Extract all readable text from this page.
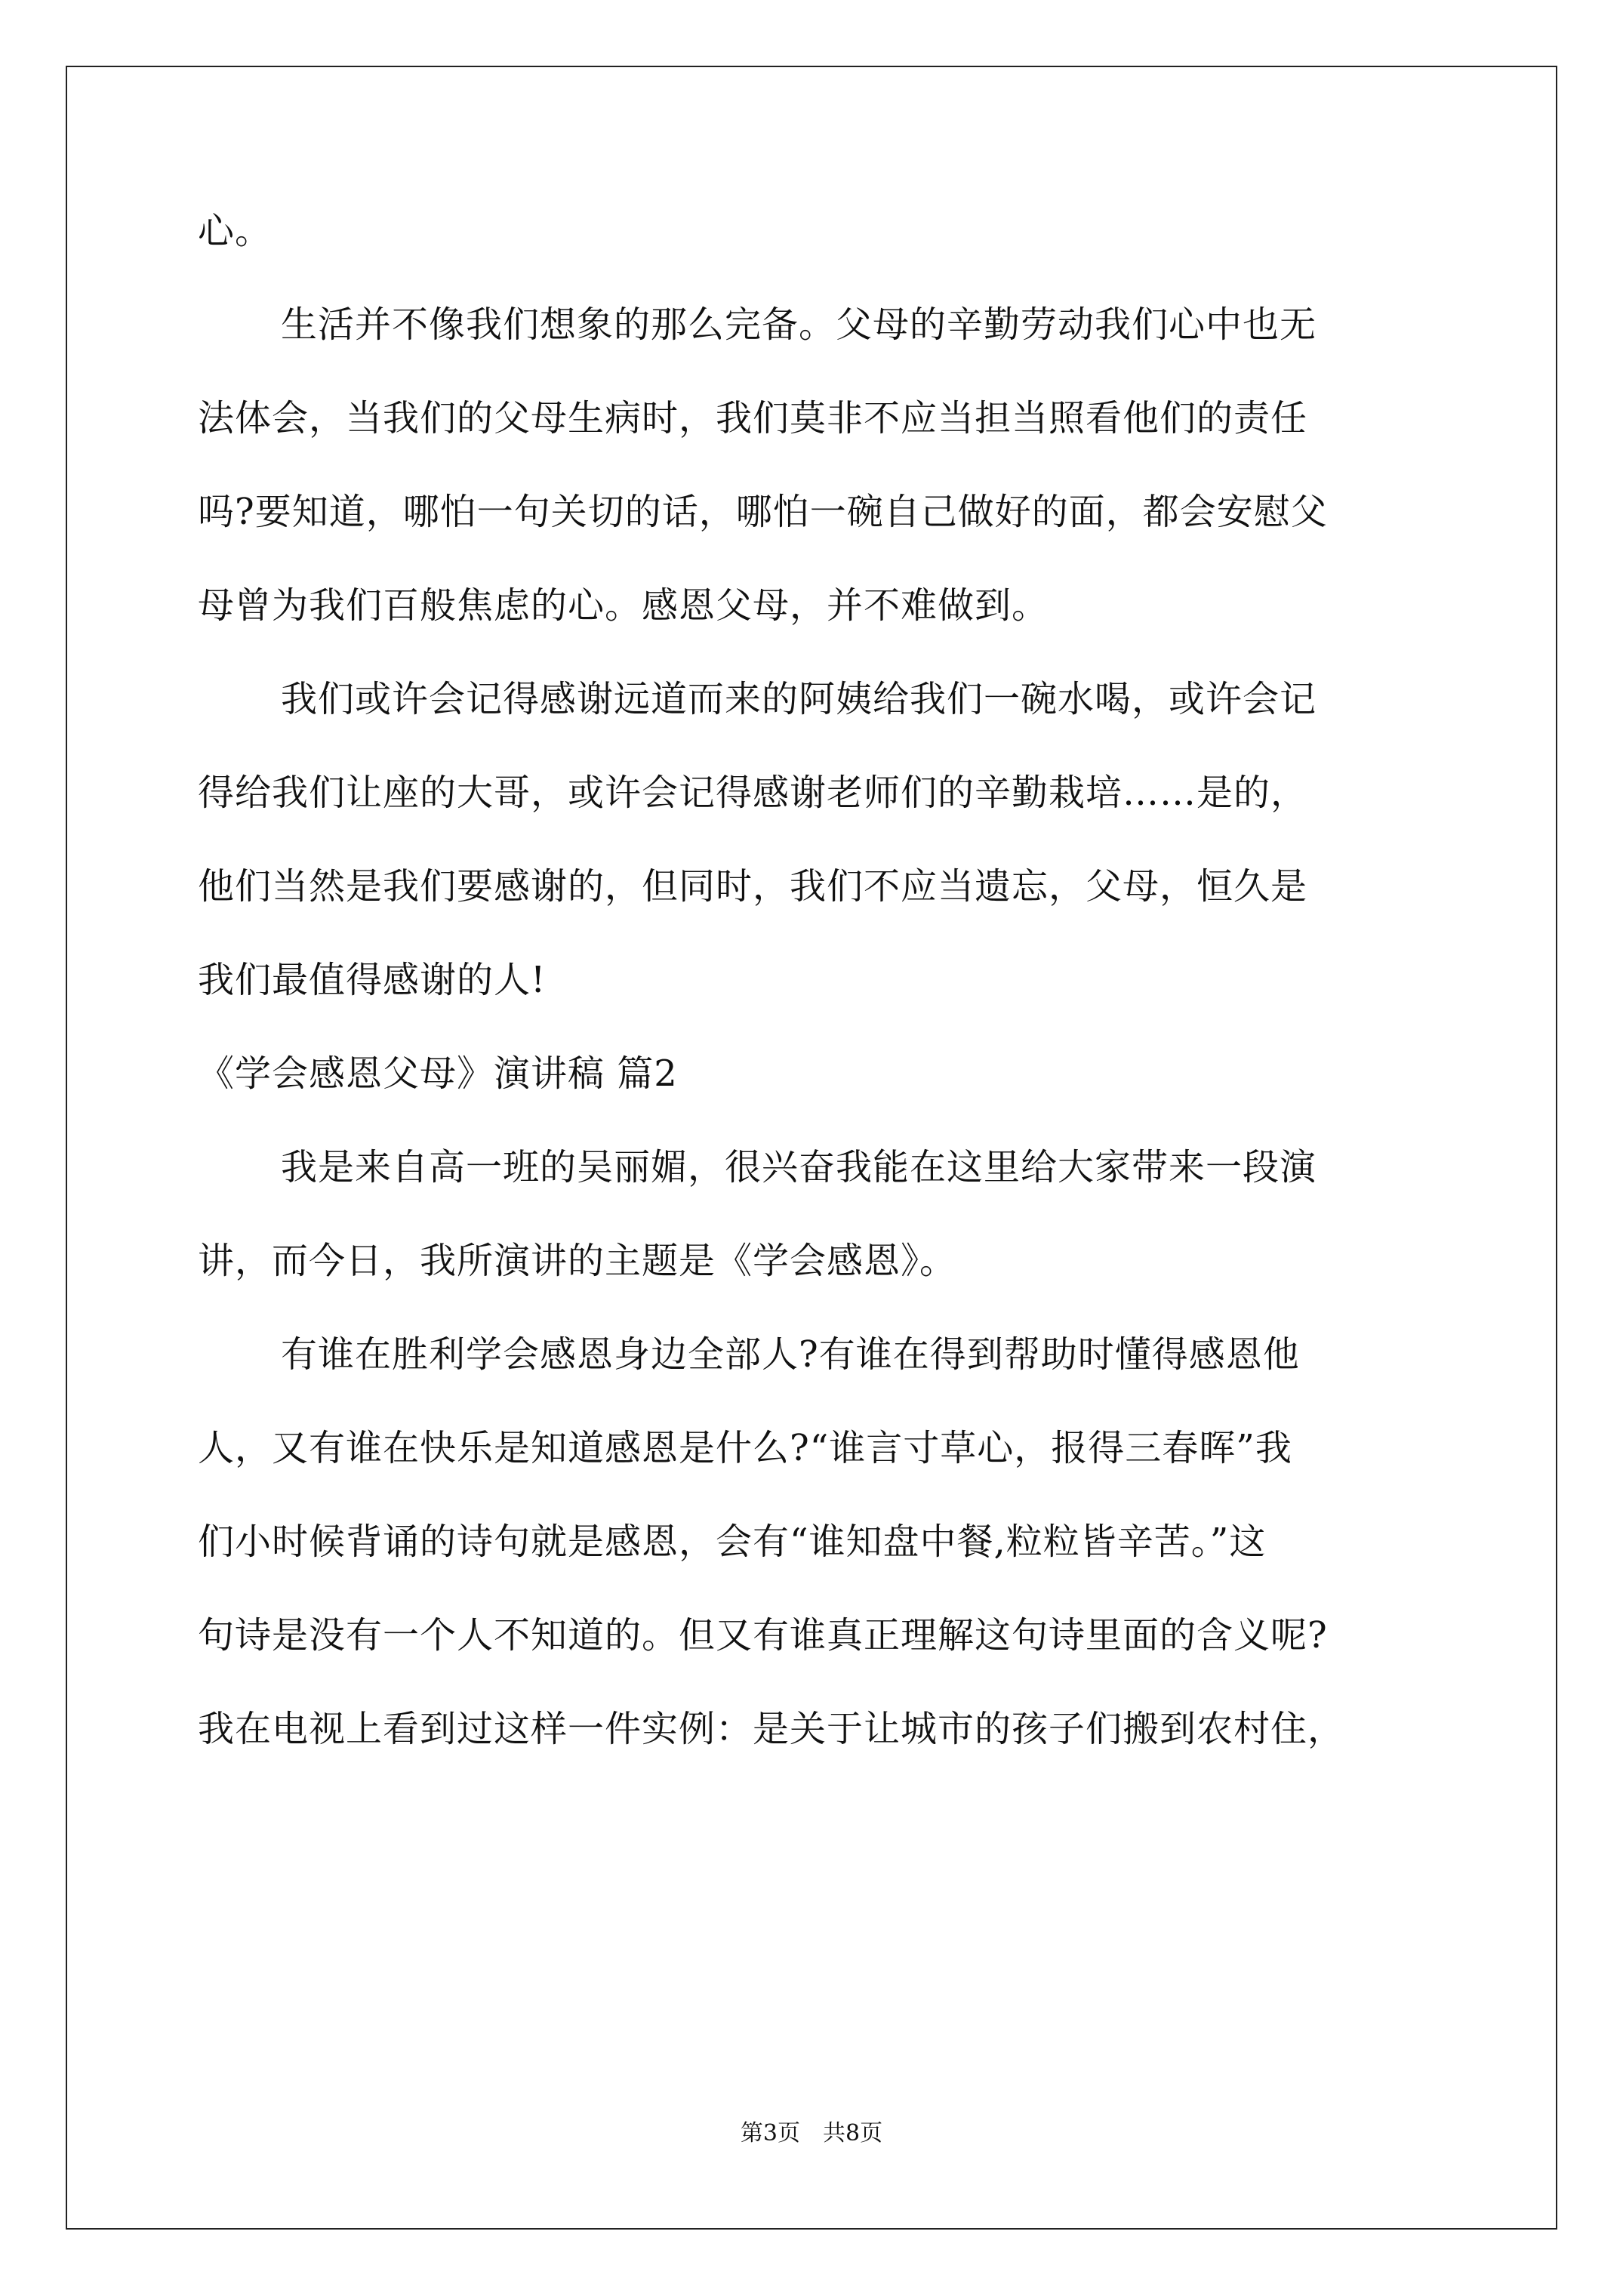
心。
生活并不像我们想象的那么完备。父母的辛勤劳动我们心中也无
法体会，当我们的父母生病时，我们莫非不应当担当照看他们的责任
吗?要知道，哪怕一句关切的话，哪怕一碗自己做好的面，都会安慰父
母曾为我们百般焦虑的心。感恩父母，并不难做到。
我们或许会记得感谢远道而来的阿姨给我们一碗水喝，或许会记
得给我们让座的大哥，或许会记得感谢老师们的辛勤栽培……是的，
他们当然是我们要感谢的，但同时，我们不应当遗忘，父母，恒久是
我们最值得感谢的人!
《学会感恩父母》演讲稿 篇2
我是来自高一班的吴丽媚，很兴奋我能在这里给大家带来一段演
讲，而今日，我所演讲的主题是《学会感恩》。
有谁在胜利学会感恩身边全部人?有谁在得到帮助时懂得感恩他
人，又有谁在快乐是知道感恩是什么?“谁言寸草心，报得三春晖”我
们小时候背诵的诗句就是感恩，会有“谁知盘中餐,粒粒皆辛苦。”这
句诗是没有一个人不知道的。但又有谁真正理解这句诗里面的含义呢?
我在电视上看到过这样一件实例：是关于让城市的孩子们搬到农村住，
第3页　共8页
